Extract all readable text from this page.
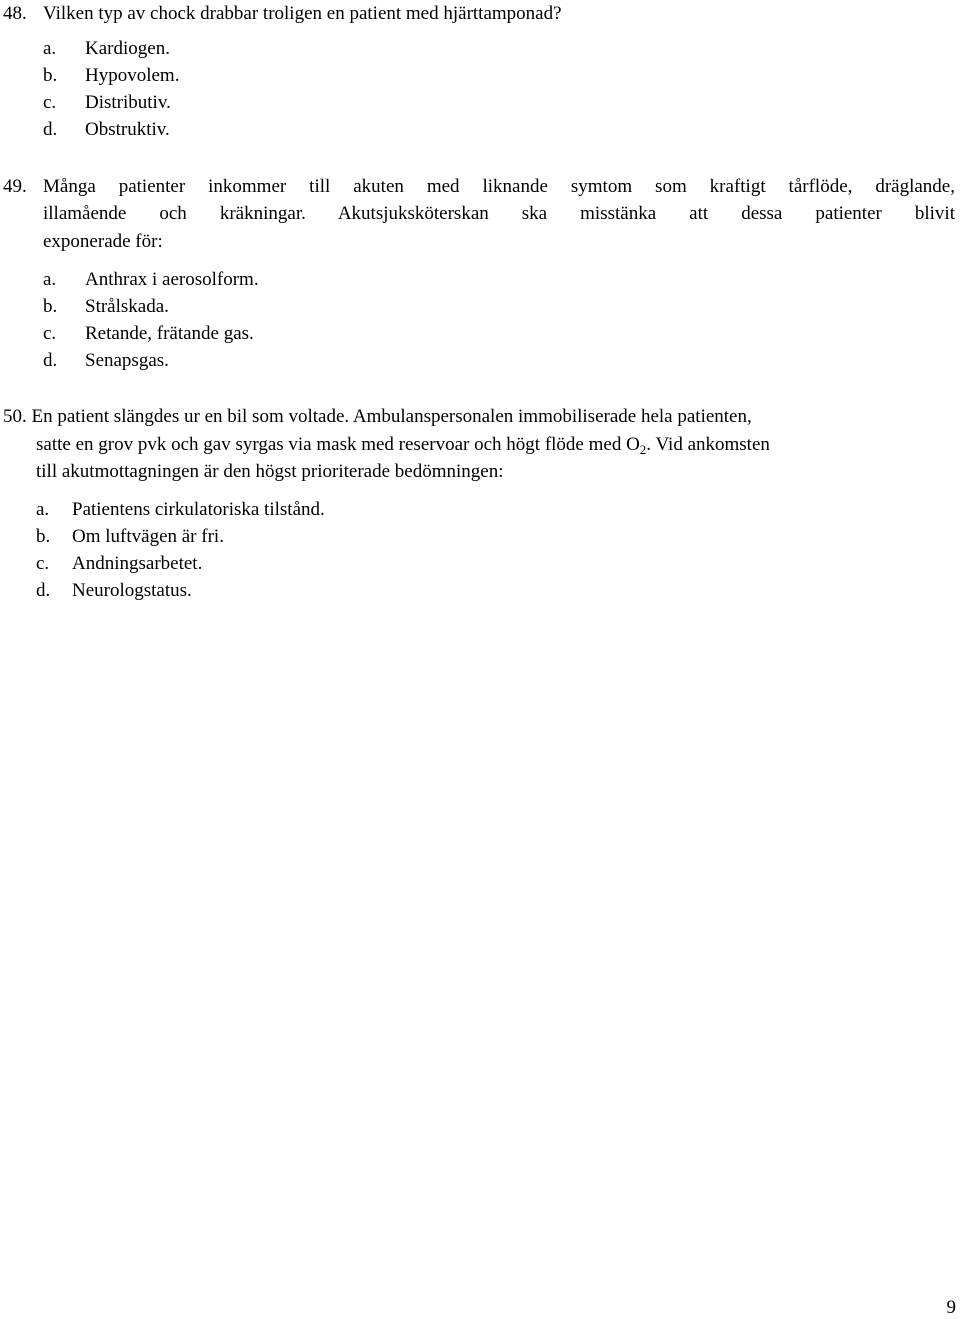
48. Vilken typ av chock drabbar troligen en patient med hjärttamponad?
a. Kardiogen.
b. Hypovolem.
c. Distributiv.
d. Obstruktiv.
49. Många patienter inkommer till akuten med liknande symtom som kraftigt tårflöde, dräglande,
illamående och kräkningar. Akutsjuksköterskan ska misstänka att dessa patienter blivit
exponerade för:
a. Anthrax i aerosolform.
b. Strålskada.
c. Retande, frätande gas.
d. Senapsgas.
50. En patient slängdes ur en bil som voltade. Ambulanspersonalen immobiliserade hela patienten,
satte en grov pvk och gav syrgas via mask med reservoar och högt flöde med $O_2$. Vid ankomsten
till akutmottagningen är den högst prioriterade bedömningen:
a. Patientens cirkulatoriska tilstånd.
b. Om luftvägen är fri.
c. Andningsarbetet.
d. Neurologstatus.
9
